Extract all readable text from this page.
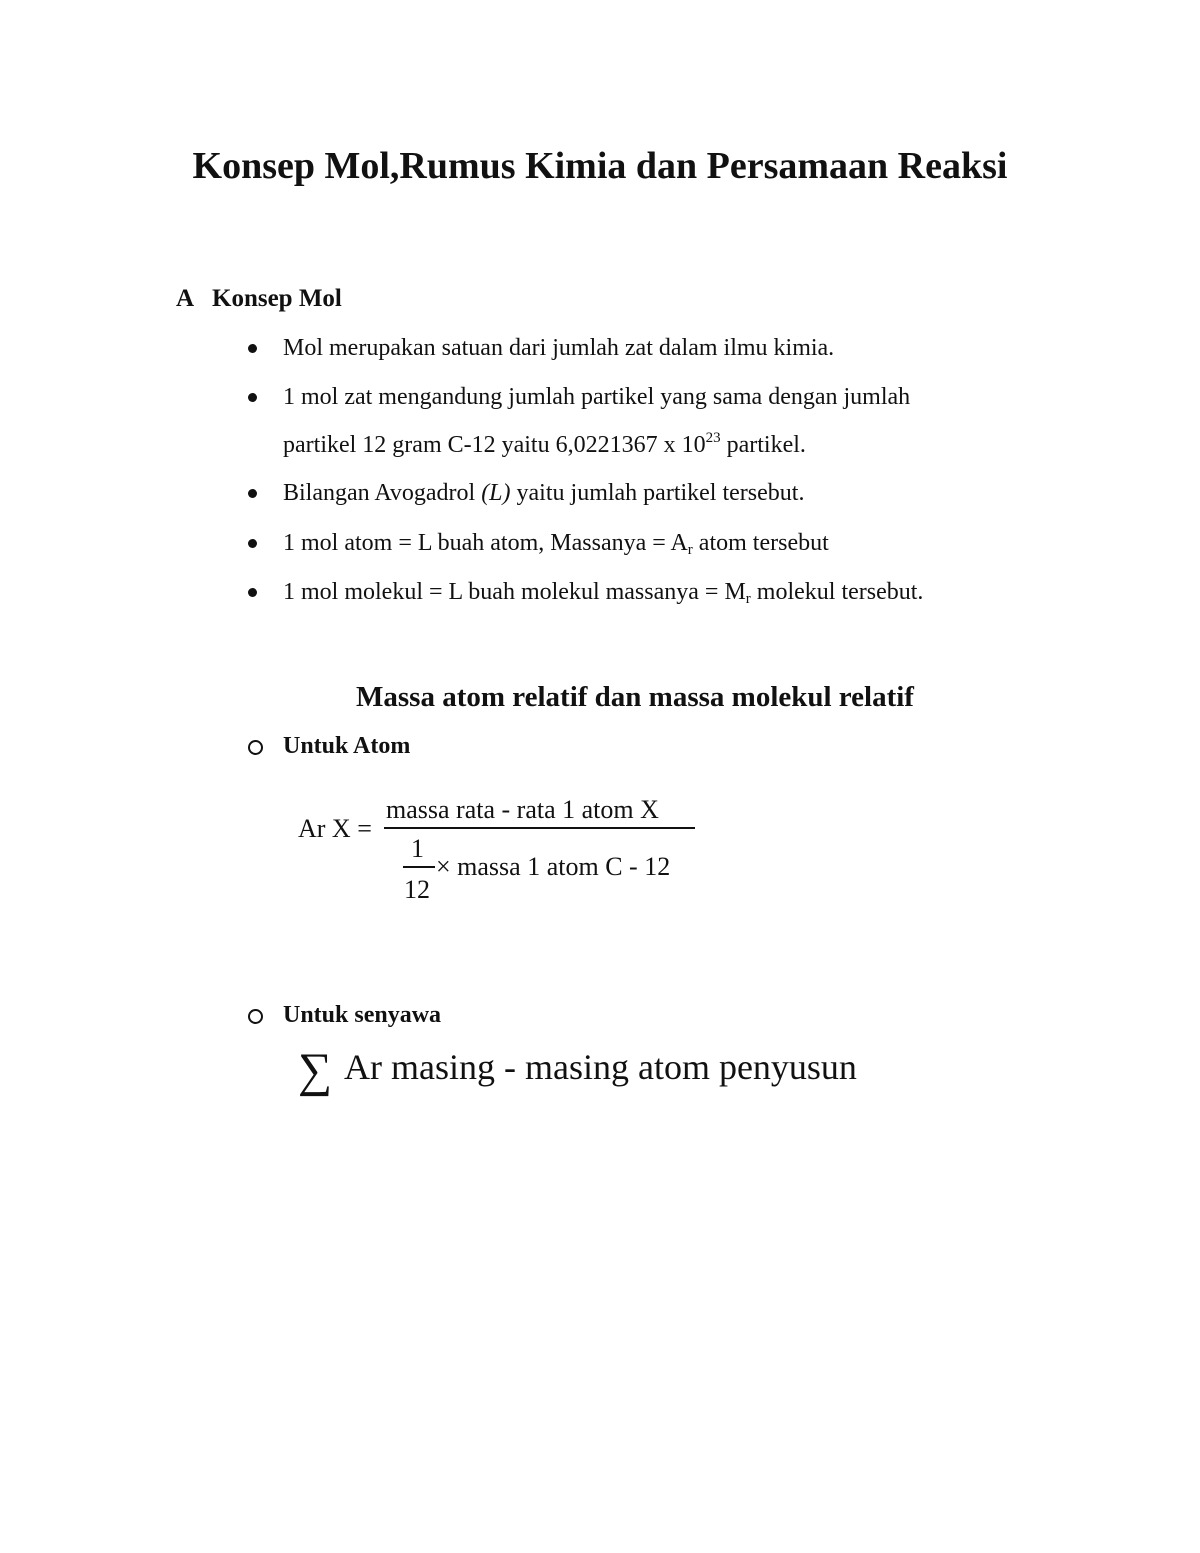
Konsep Mol,Rumus Kimia dan Persamaan Reaksi
A Konsep Mol
Mol merupakan satuan dari jumlah zat dalam ilmu kimia.
1 mol zat mengandung jumlah partikel yang sama dengan jumlah
partikel 12 gram C-12 yaitu 6,0221367 x $10^{23}$ partikel.
Bilangan Avogadrol (L) yaitu jumlah partikel tersebut.
1 mol atom = L buah atom, Massanya = $A_r$ atom tersebut
1 mol molekul = L buah molekul massanya = $M_r$ molekul tersebut.
Massa atom relatif dan massa molekul relatif
Untuk Atom
Ar X =
massa rata - rata 1 atom X
1
12
× massa 1 atom C - 12
Untuk senyawa
∑ Ar masing - masing atom penyusun
